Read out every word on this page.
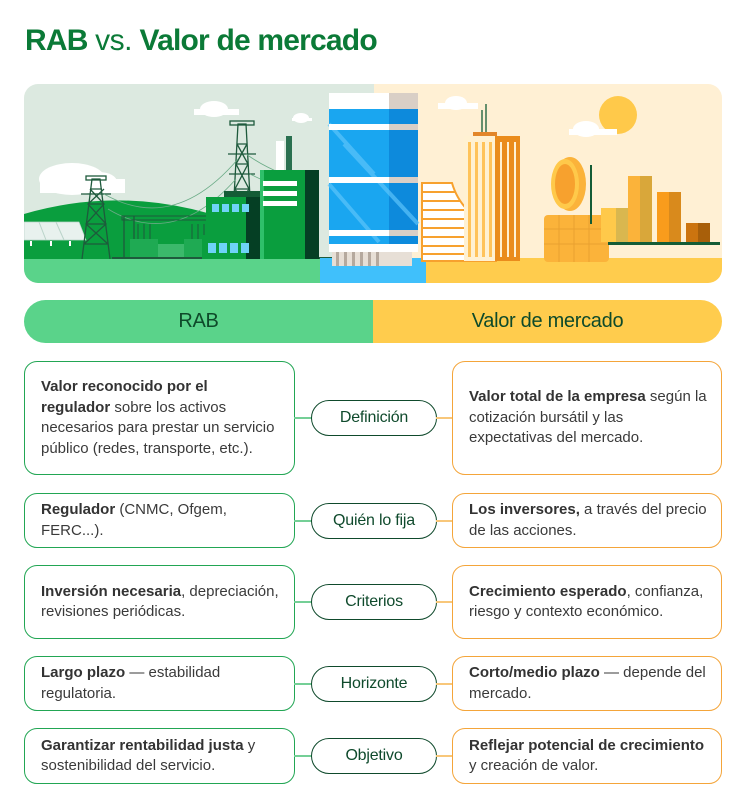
RAB vs. Valor de mercado
RAB	Valor de mercado
Valor reconocido por el regulador sobre los activos necesarios para prestar un servicio público (redes, transporte, etc.).
Definición
Valor total de la empresa según la cotización bursátil y las expectativas del mercado.
Regulador (CNMC, Ofgem, FERC...).
Quién lo fija
Los inversores, a través del precio de las acciones.
Inversión necesaria, depreciación, revisiones periódicas.
Criterios
Crecimiento esperado, confianza, riesgo y contexto económico.
Largo plazo — estabilidad regulatoria.
Horizonte
Corto/medio plazo — depende del mercado.
Garantizar rentabilidad justa y sostenibilidad del servicio.
Objetivo
Reflejar potencial de crecimiento y creación de valor.
